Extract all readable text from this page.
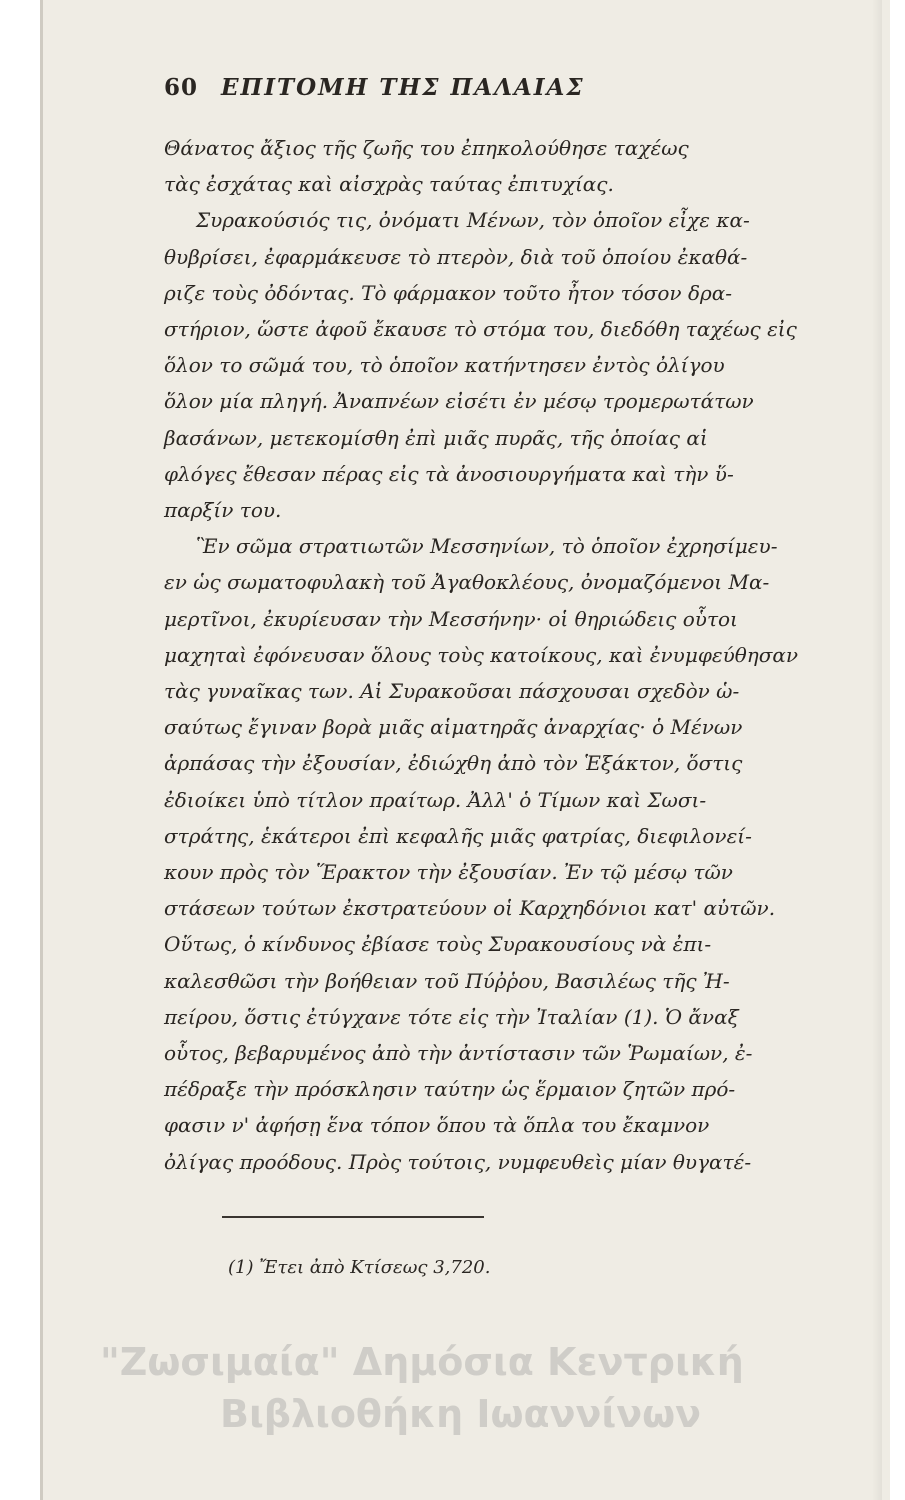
60 ΕΠΙΤΟΜΗ ΤΗΣ ΠΑΛΑΙΑΣ
Θάνατος ἄξιος τῆς ζωῆς του ἐπηκολούθησε ταχέως
τὰς ἐσχάτας καὶ αἰσχρὰς ταύτας ἐπιτυχίας.
Συρακούσιός τις, ὀνόματι Μένων, τὸν ὁποῖον εἶχε κα-
θυβρίσει, ἐφαρμάκευσε τὸ πτερὸν, διὰ τοῦ ὁποίου ἐκαθά-
ριζε τοὺς ὀδόντας. Τὸ φάρμακον τοῦτο ἦτον τόσον δρα-
στήριον, ὥστε ἀφοῦ ἔκαυσε τὸ στόμα του, διεδόθη ταχέως εἰς
ὅλον το σῶμά του, τὸ ὁποῖον κατήντησεν ἐντὸς ὀλίγου
ὅλον μία πληγή. Ἀναπνέων εἰσέτι ἐν μέσῳ τρομερωτάτων
βασάνων, μετεκομίσθη ἐπὶ μιᾶς πυρᾶς, τῆς ὁποίας αἱ
φλόγες ἔθεσαν πέρας εἰς τὰ ἀνοσιουργήματα καὶ τὴν ὕ-
παρξίν του.
Ἓν σῶμα στρατιωτῶν Μεσσηνίων, τὸ ὁποῖον ἐχρησίμευ-
εν ὡς σωματοφυλακὴ τοῦ Ἀγαθοκλέους, ὀνομαζόμενοι Μα-
μερτῖνοι, ἐκυρίευσαν τὴν Μεσσήνην· οἱ θηριώδεις οὗτοι
μαχηταὶ ἐφόνευσαν ὅλους τοὺς κατοίκους, καὶ ἐνυμφεύθησαν
τὰς γυναῖκας των. Αἱ Συρακοῦσαι πάσχουσαι σχεδὸν ὡ-
σαύτως ἔγιναν βορὰ μιᾶς αἱματηρᾶς ἀναρχίας· ὁ Μένων
ἁρπάσας τὴν ἐξουσίαν, ἐδιώχθη ἀπὸ τὸν Ἑξάκτον, ὅστις
ἐδιοίκει ὑπὸ τίτλον πραίτωρ. Ἀλλ' ὁ Τίμων καὶ Σωσι-
στράτης, ἑκάτεροι ἐπὶ κεφαλῆς μιᾶς φατρίας, διεφιλονεί-
κουν πρὸς τὸν Ἕρακτον τὴν ἐξουσίαν. Ἐν τῷ μέσῳ τῶν
στάσεων τούτων ἐκστρατεύουν οἱ Καρχηδόνιοι κατ' αὐτῶν.
Οὕτως, ὁ κίνδυνος ἐβίασε τοὺς Συρακουσίους νὰ ἐπι-
καλεσθῶσι τὴν βοήθειαν τοῦ Πύῤῥου, Βασιλέως τῆς Ἠ-
πείρου, ὅστις ἐτύγχανε τότε εἰς τὴν Ἰταλίαν (1). Ὁ ἄναξ
οὗτος, βεβαρυμένος ἀπὸ τὴν ἀντίστασιν τῶν Ῥωμαίων, ἐ-
πέδραξε τὴν πρόσκλησιν ταύτην ὡς ἕρμαιον ζητῶν πρό-
φασιν ν' ἀφήσῃ ἕνα τόπον ὅπου τὰ ὅπλα του ἔκαμνον
ὀλίγας προόδους. Πρὸς τούτοις, νυμφευθεὶς μίαν θυγατέ-
(1) Ἔτει ἀπὸ Κτίσεως 3,720.
"Ζωσιμαία" Δημόσια Κεντρική
Βιβλιοθήκη Ιωαννίνων
